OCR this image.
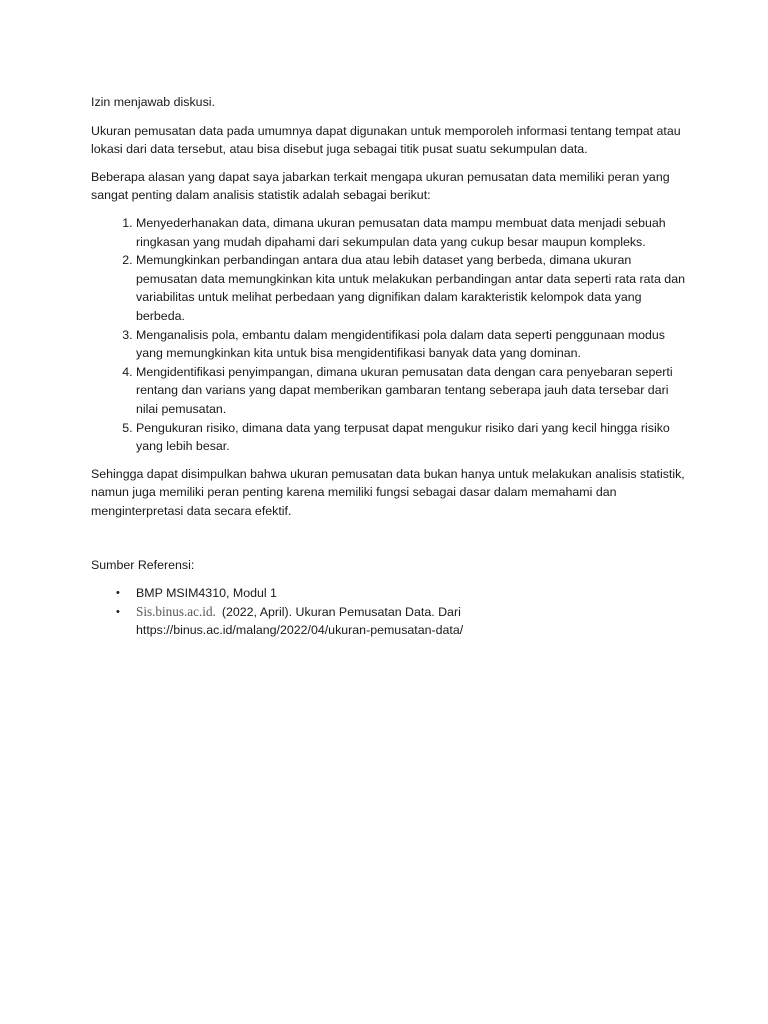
Izin menjawab diskusi.

Ukuran pemusatan data pada umumnya dapat digunakan untuk memporoleh informasi tentang tempat atau lokasi dari data tersebut, atau bisa disebut juga sebagai titik pusat suatu sekumpulan data.

Beberapa alasan yang dapat saya jabarkan terkait mengapa ukuran pemusatan data memiliki peran yang sangat penting dalam analisis statistik adalah sebagai berikut:

1. Menyederhanakan data, dimana ukuran pemusatan data mampu membuat data menjadi sebuah ringkasan yang mudah dipahami dari sekumpulan data yang cukup besar maupun kompleks.
2. Memungkinkan perbandingan antara dua atau lebih dataset yang berbeda, dimana ukuran pemusatan data memungkinkan kita untuk melakukan perbandingan antar data seperti rata rata dan variabilitas untuk melihat perbedaan yang dignifikan dalam karakteristik kelompok data yang berbeda.
3. Menganalisis pola, embantu dalam mengidentifikasi pola dalam data seperti penggunaan modus yang memungkinkan kita untuk bisa mengidentifikasi banyak data yang dominan.
4. Mengidentifikasi penyimpangan, dimana ukuran pemusatan data dengan cara penyebaran seperti rentang dan varians yang dapat memberikan gambaran tentang seberapa jauh data tersebar dari nilai pemusatan.
5. Pengukuran risiko, dimana data yang terpusat dapat mengukur risiko dari yang kecil hingga risiko yang lebih besar.

Sehingga dapat disimpulkan bahwa ukuran pemusatan data bukan hanya untuk melakukan analisis statistik, namun juga memiliki peran penting karena memiliki fungsi sebagai dasar dalam memahami dan menginterpretasi data secara efektif.

Sumber Referensi:

• BMP MSIM4310, Modul 1
• Sis.binus.ac.id. (2022, April). Ukuran Pemusatan Data. Dari https://binus.ac.id/malang/2022/04/ukuran-pemusatan-data/
